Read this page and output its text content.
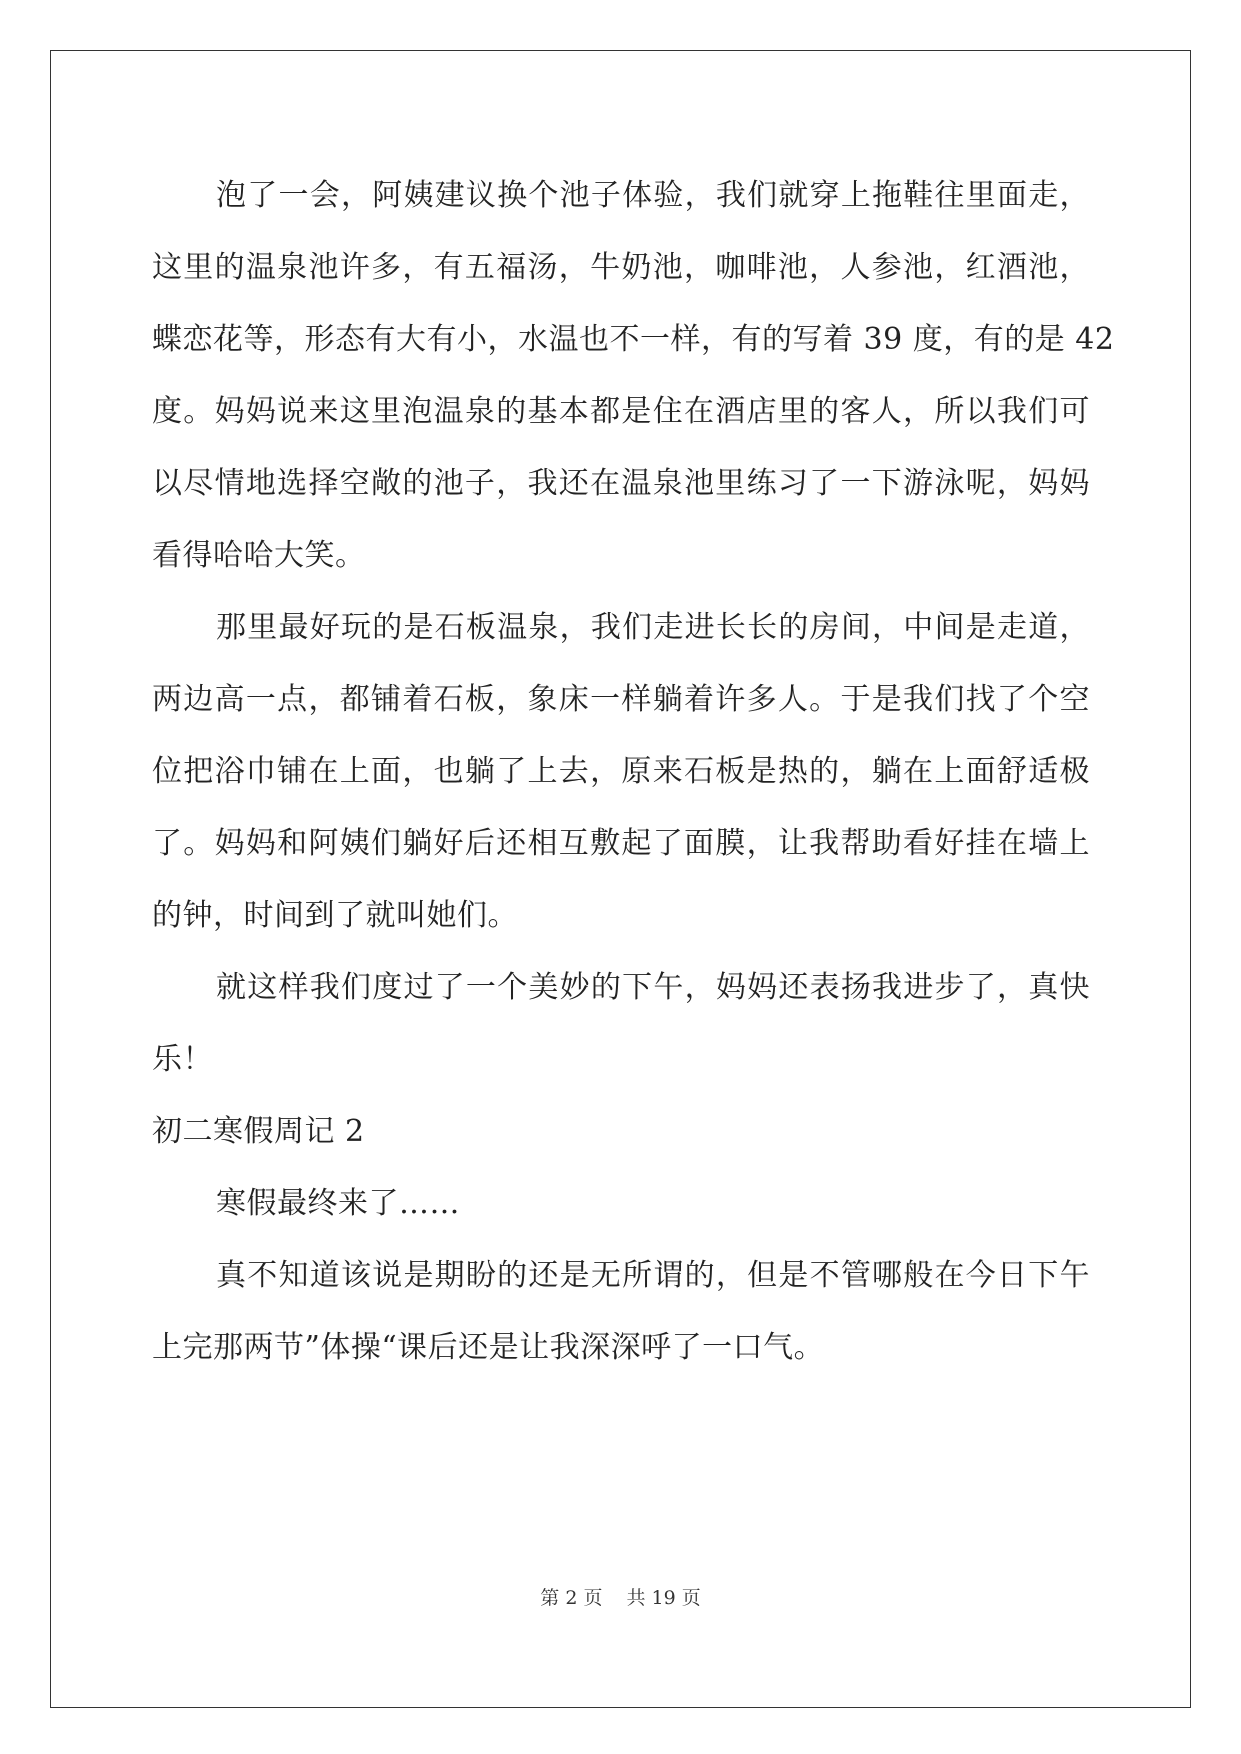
泡了一会，阿姨建议换个池子体验，我们就穿上拖鞋往里面走，
这里的温泉池许多，有五福汤，牛奶池，咖啡池，人参池，红酒池，
蝶恋花等，形态有大有小，水温也不一样，有的写着 39 度，有的是 42
度。妈妈说来这里泡温泉的基本都是住在酒店里的客人，所以我们可
以尽情地选择空敞的池子，我还在温泉池里练习了一下游泳呢，妈妈
看得哈哈大笑。
那里最好玩的是石板温泉，我们走进长长的房间，中间是走道，
两边高一点，都铺着石板，象床一样躺着许多人。于是我们找了个空
位把浴巾铺在上面，也躺了上去，原来石板是热的，躺在上面舒适极
了。妈妈和阿姨们躺好后还相互敷起了面膜，让我帮助看好挂在墙上
的钟，时间到了就叫她们。
就这样我们度过了一个美妙的下午，妈妈还表扬我进步了，真快
乐！
初二寒假周记 2
寒假最终来了……
真不知道该说是期盼的还是无所谓的，但是不管哪般在今日下午
上完那两节”体操“课后还是让我深深呼了一口气。
第 2 页 共 19 页
